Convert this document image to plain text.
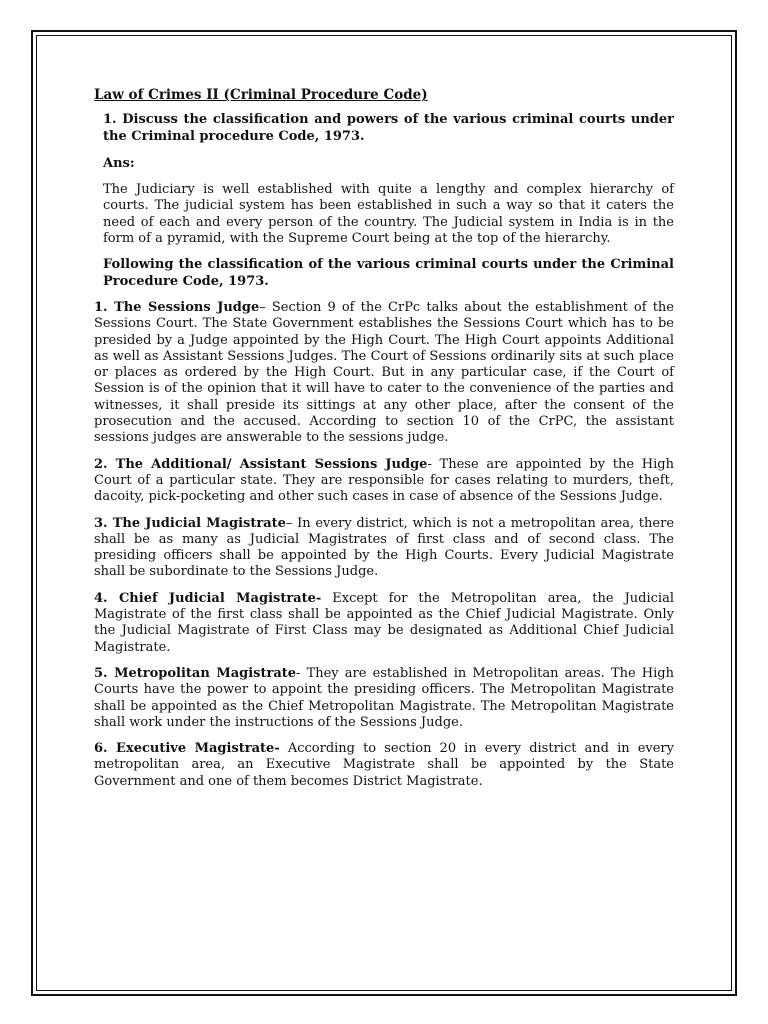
Law of Crimes II (Criminal Procedure Code)
1. Discuss the classification and powers of the various criminal courts under the Criminal procedure Code, 1973.
Ans:
The Judiciary is well established with quite a lengthy and complex hierarchy of courts. The judicial system has been established in such a way so that it caters the need of each and every person of the country. The Judicial system in India is in the form of a pyramid, with the Supreme Court being at the top of the hierarchy.
Following the classification of the various criminal courts under the Criminal Procedure Code, 1973.
1. The Sessions Judge– Section 9 of the CrPc talks about the establishment of the Sessions Court. The State Government establishes the Sessions Court which has to be presided by a Judge appointed by the High Court. The High Court appoints Additional as well as Assistant Sessions Judges. The Court of Sessions ordinarily sits at such place or places as ordered by the High Court. But in any particular case, if the Court of Session is of the opinion that it will have to cater to the convenience of the parties and witnesses, it shall preside its sittings at any other place, after the consent of the prosecution and the accused. According to section 10 of the CrPC, the assistant sessions judges are answerable to the sessions judge.
2. The Additional/ Assistant Sessions Judge- These are appointed by the High Court of a particular state. They are responsible for cases relating to murders, theft, dacoity, pick-pocketing and other such cases in case of absence of the Sessions Judge.
3. The Judicial Magistrate– In every district, which is not a metropolitan area, there shall be as many as Judicial Magistrates of first class and of second class. The presiding officers shall be appointed by the High Courts. Every Judicial Magistrate shall be subordinate to the Sessions Judge.
4. Chief Judicial Magistrate- Except for the Metropolitan area, the Judicial Magistrate of the first class shall be appointed as the Chief Judicial Magistrate. Only the Judicial Magistrate of First Class may be designated as Additional Chief Judicial Magistrate.
5. Metropolitan Magistrate- They are established in Metropolitan areas. The High Courts have the power to appoint the presiding officers. The Metropolitan Magistrate shall be appointed as the Chief Metropolitan Magistrate. The Metropolitan Magistrate shall work under the instructions of the Sessions Judge.
6. Executive Magistrate- According to section 20 in every district and in every metropolitan area, an Executive Magistrate shall be appointed by the State Government and one of them becomes District Magistrate.
